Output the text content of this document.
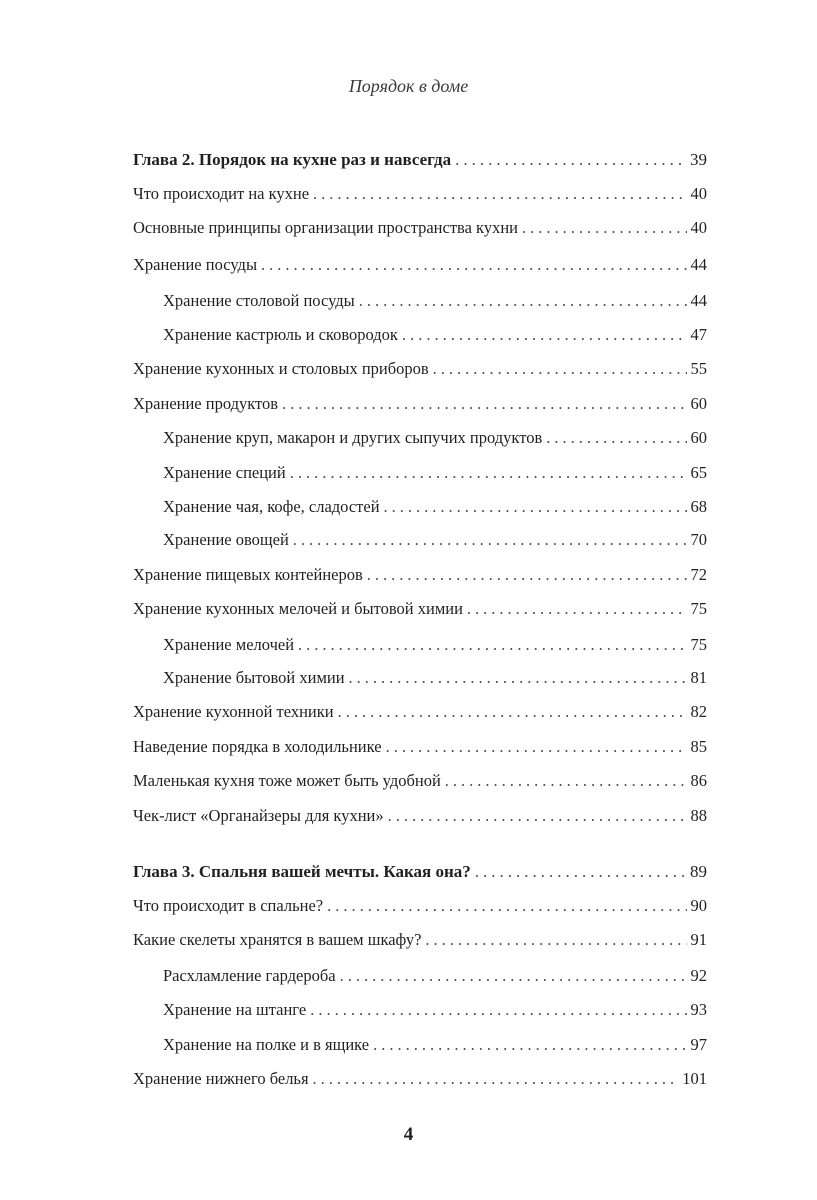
Порядок в доме
Глава 2. Порядок на кухне раз и навсегда .....	39
Что происходит на кухне .....	40
Основные принципы организации пространства кухни .....	40
Хранение посуды .....	44
Хранение столовой посуды .....	44
Хранение кастрюль и сковородок .....	47
Хранение кухонных и столовых приборов .....	55
Хранение продуктов .....	60
Хранение круп, макарон и других сыпучих продуктов .....	60
Хранение специй .....	65
Хранение чая, кофе, сладостей .....	68
Хранение овощей .....	70
Хранение пищевых контейнеров .....	72
Хранение кухонных мелочей и бытовой химии .....	75
Хранение мелочей .....	75
Хранение бытовой химии .....	81
Хранение кухонной техники .....	82
Наведение порядка в холодильнике .....	85
Маленькая кухня тоже может быть удобной .....	86
Чек-лист «Органайзеры для кухни» .....	88
Глава 3. Спальня вашей мечты. Какая она? .....	89
Что происходит в спальне? .....	90
Какие скелеты хранятся в вашем шкафу? .....	91
Расхламление гардероба .....	92
Хранение на штанге .....	93
Хранение на полке и в ящике .....	97
Хранение нижнего белья .....	101
4
